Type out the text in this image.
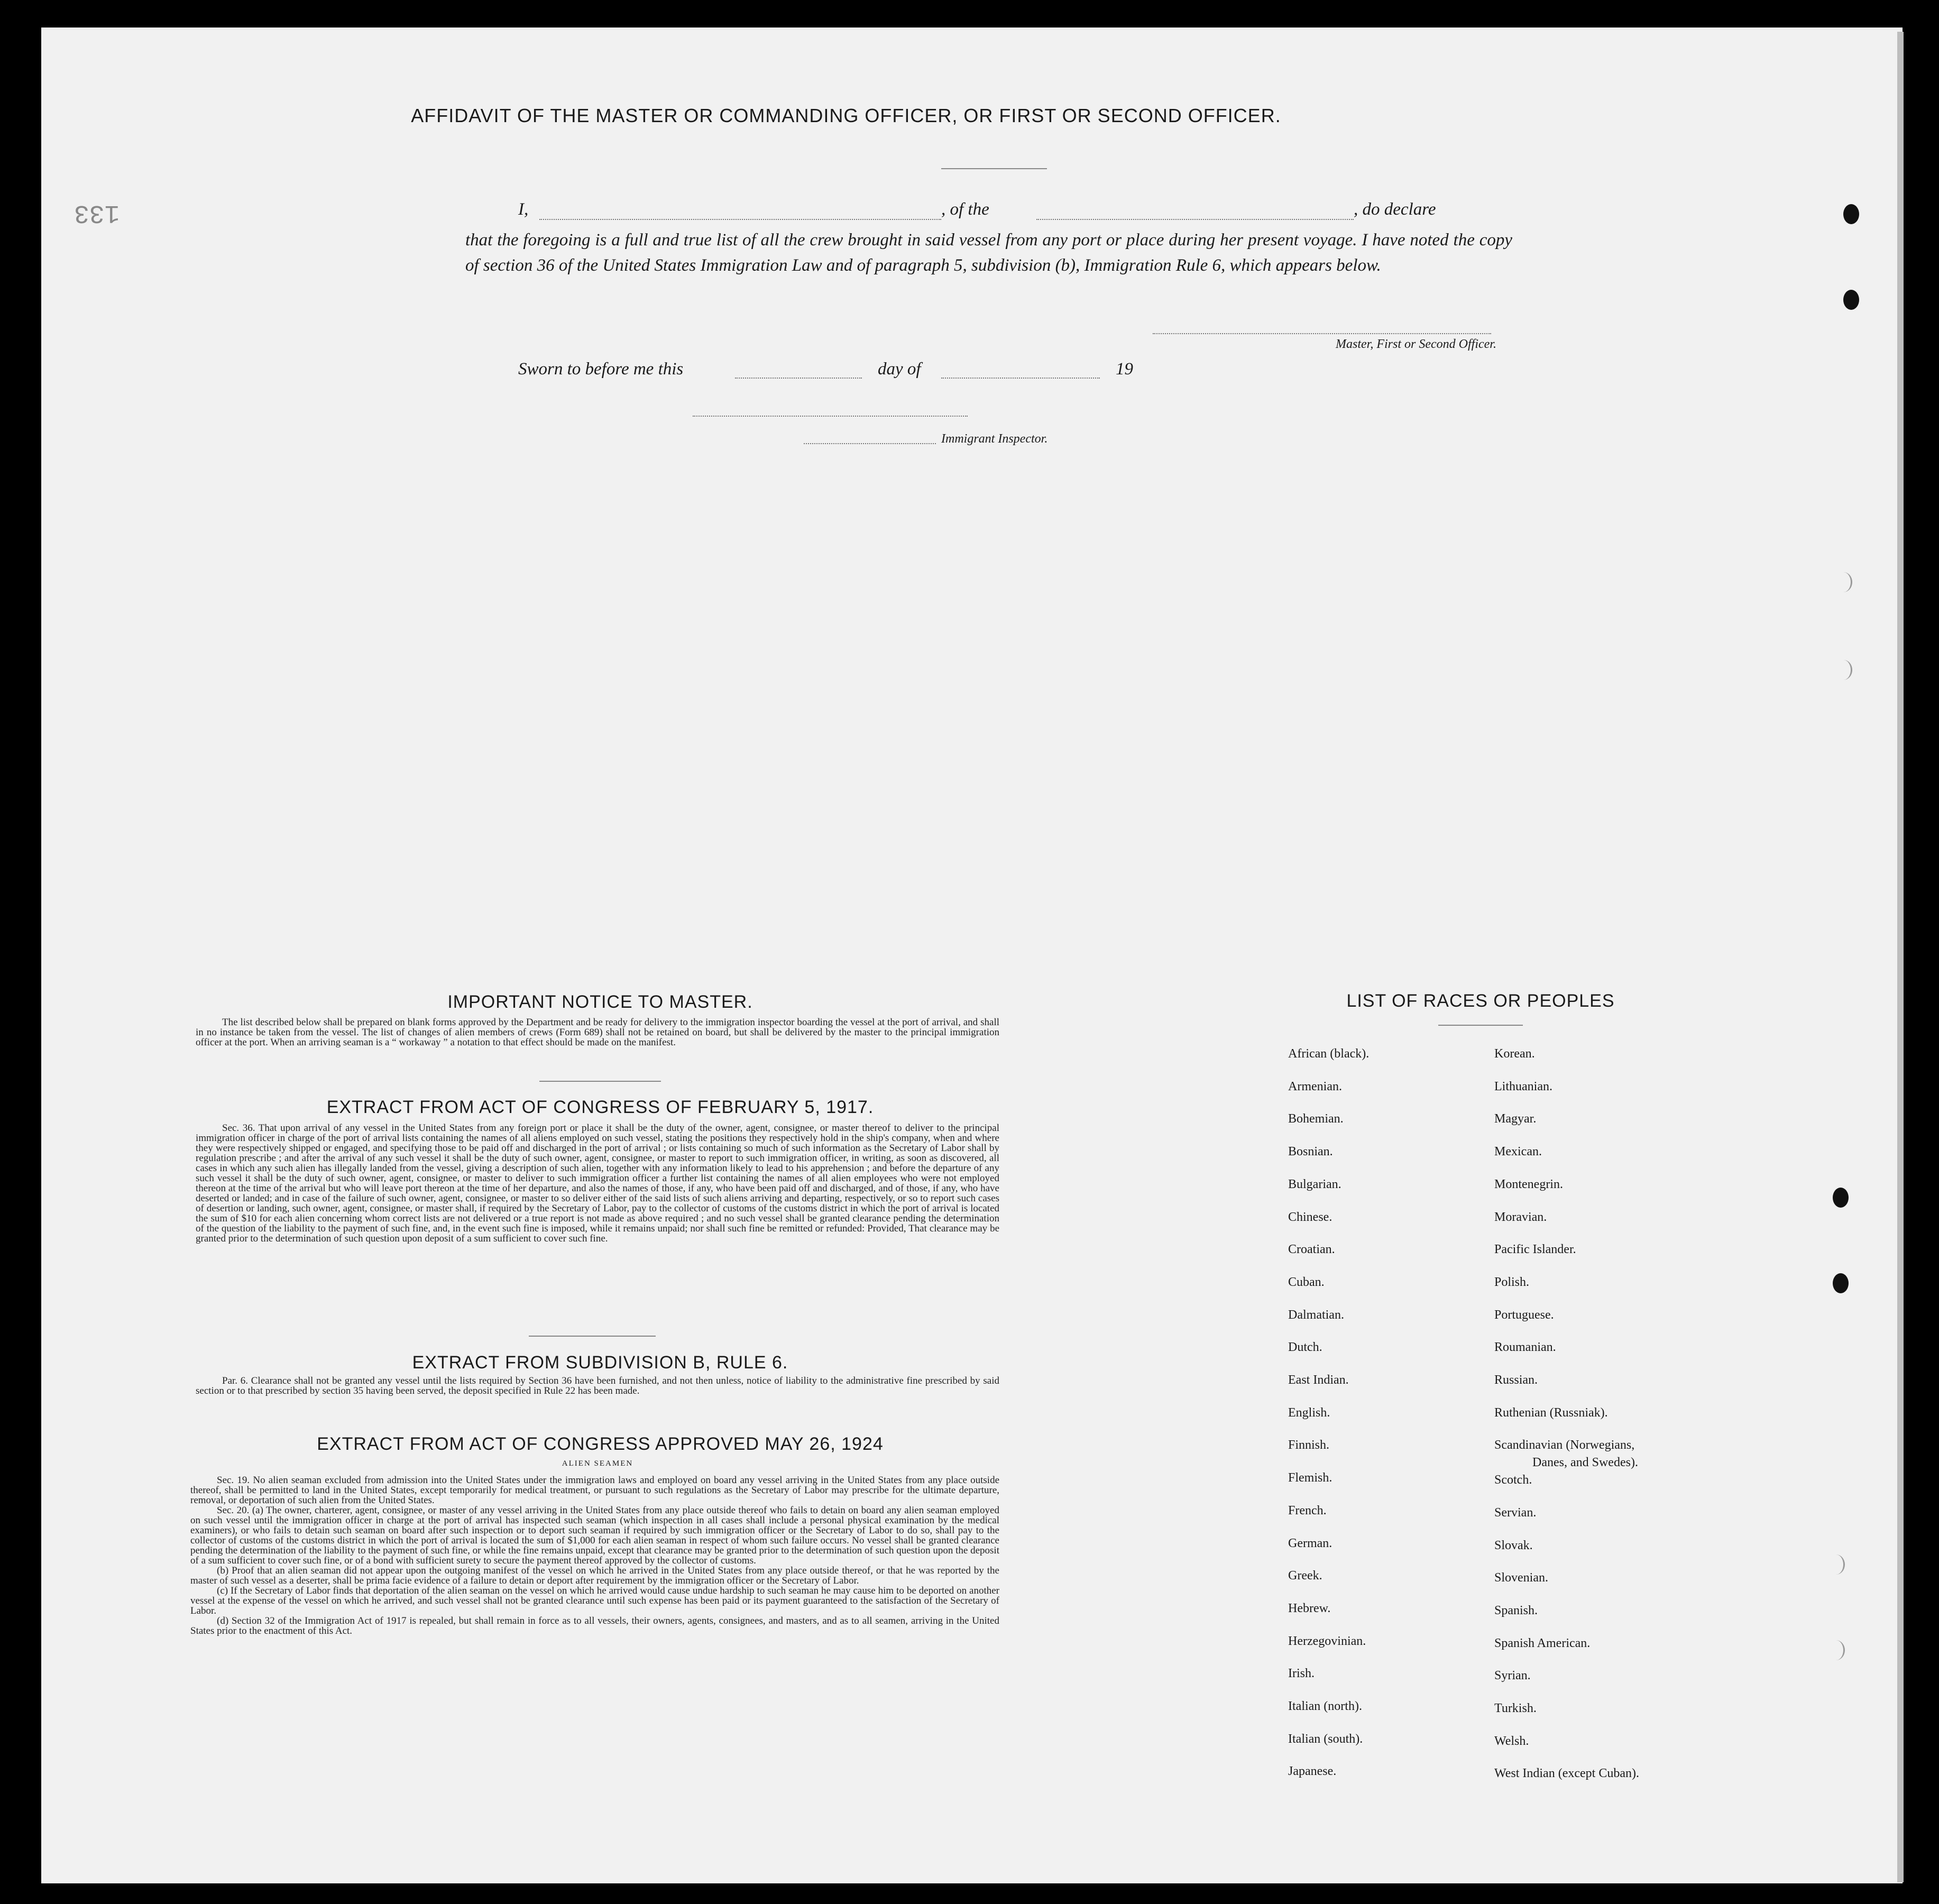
133
AFFIDAVIT OF THE MASTER OR COMMANDING OFFICER, OR FIRST OR SECOND OFFICER.
I,	, of the	, do declare
that the foregoing is a full and true list of all the crew brought in said vessel from any port or place during her present voyage. I have noted the copy of section 36 of the United States Immigration Law and of paragraph 5, subdivision (b), Immigration Rule 6, which appears below.
Master, First or Second Officer.
Sworn to before me this	day of	19
Immigrant Inspector.
IMPORTANT NOTICE TO MASTER.

The list described below shall be prepared on blank forms approved by the Department and be ready for delivery to the immigration inspector boarding the vessel at the port of arrival, and shall in no instance be taken from the vessel. The list of changes of alien members of crews (Form 689) shall not be retained on board, but shall be delivered by the master to the principal immigration officer at the port. When an arriving seaman is a “ workaway ” a notation to that effect should be made on the manifest.

EXTRACT FROM ACT OF CONGRESS OF FEBRUARY 5, 1917.

Sec. 36. That upon arrival of any vessel in the United States from any foreign port or place it shall be the duty of the owner, agent, consignee, or master thereof to deliver to the principal immigration officer in charge of the port of arrival lists containing the names of all aliens employed on such vessel, stating the positions they respectively hold in the ship's company, when and where they were respectively shipped or engaged, and specifying those to be paid off and discharged in the port of arrival ; or lists containing so much of such information as the Secretary of Labor shall by regulation prescribe ; and after the arrival of any such vessel it shall be the duty of such owner, agent, consignee, or master to report to such immigration officer, in writing, as soon as discovered, all cases in which any such alien has illegally landed from the vessel, giving a description of such alien, together with any information likely to lead to his apprehension ; and before the departure of any such vessel it shall be the duty of such owner, agent, consignee, or master to deliver to such immigration officer a further list containing the names of all alien employees who were not employed thereon at the time of the arrival but who will leave port thereon at the time of her departure, and also the names of those, if any, who have been paid off and discharged, and of those, if any, who have deserted or landed; and in case of the failure of such owner, agent, consignee, or master to so deliver either of the said lists of such aliens arriving and departing, respectively, or so to report such cases of desertion or landing, such owner, agent, consignee, or master shall, if required by the Secretary of Labor, pay to the collector of customs of the customs district in which the port of arrival is located the sum of $10 for each alien concerning whom correct lists are not delivered or a true report is not made as above required ; and no such vessel shall be granted clearance pending the determination of the question of the liability to the payment of such fine, and, in the event such fine is imposed, while it remains unpaid; nor shall such fine be remitted or refunded: Provided, That clearance may be granted prior to the determination of such question upon deposit of a sum sufficient to cover such fine.

EXTRACT FROM SUBDIVISION B, RULE 6.

Par. 6. Clearance shall not be granted any vessel until the lists required by Section 36 have been furnished, and not then unless, notice of liability to the administrative fine prescribed by said section or to that prescribed by section 35 having been served, the deposit specified in Rule 22 has been made.

EXTRACT FROM ACT OF CONGRESS APPROVED MAY 26, 1924
ALIEN SEAMEN

Sec. 19. No alien seaman excluded from admission into the United States under the immigration laws and employed on board any vessel arriving in the United States from any place outside thereof, shall be permitted to land in the United States, except temporarily for medical treatment, or pursuant to such regulations as the Secretary of Labor may prescribe for the ultimate departure, removal, or deportation of such alien from the United States.

Sec. 20. (a) The owner, charterer, agent, consignee, or master of any vessel arriving in the United States from any place outside thereof who fails to detain on board any alien seaman employed on such vessel until the immigration officer in charge at the port of arrival has inspected such seaman (which inspection in all cases shall include a personal physical examination by the medical examiners), or who fails to detain such seaman on board after such inspection or to deport such seaman if required by such immigration officer or the Secretary of Labor to do so, shall pay to the collector of customs of the customs district in which the port of arrival is located the sum of $1,000 for each alien seaman in respect of whom such failure occurs. No vessel shall be granted clearance pending the determination of the liability to the payment of such fine, or while the fine remains unpaid, except that clearance may be granted prior to the determination of such question upon the deposit of a sum sufficient to cover such fine, or of a bond with sufficient surety to secure the payment thereof approved by the collector of customs.

(b) Proof that an alien seaman did not appear upon the outgoing manifest of the vessel on which he arrived in the United States from any place outside thereof, or that he was reported by the master of such vessel as a deserter, shall be prima facie evidence of a failure to detain or deport after requirement by the immigration officer or the Secretary of Labor.

(c) If the Secretary of Labor finds that deportation of the alien seaman on the vessel on which he arrived would cause undue hardship to such seaman he may cause him to be deported on another vessel at the expense of the vessel on which he arrived, and such vessel shall not be granted clearance until such expense has been paid or its payment guaranteed to the satisfaction of the Secretary of Labor.

(d) Section 32 of the Immigration Act of 1917 is repealed, but shall remain in force as to all vessels, their owners, agents, consignees, and masters, and as to all seamen, arriving in the United States prior to the enactment of this Act.

LIST OF RACES OR PEOPLES
African (black).
Armenian.
Bohemian.
Bosnian.
Bulgarian.
Chinese.
Croatian.
Cuban.
Dalmatian.
Dutch.
East Indian.
English.
Finnish.
Flemish.
French.
German.
Greek.
Hebrew.
Herzegovinian.
Irish.
Italian (north).
Italian (south).
Japanese.
Danes, and Swedes).
Korean.
Lithuanian.
Magyar.
Mexican.
Montenegrin.
Moravian.
Pacific Islander.
Polish.
Portuguese.
Roumanian.
Russian.
Ruthenian (Russniak).
Scandinavian (Norwegians,
Scotch.
Servian.
Slovak.
Slovenian.
Spanish.
Spanish American.
Syrian.
Turkish.
Welsh.
West Indian (except Cuban).
